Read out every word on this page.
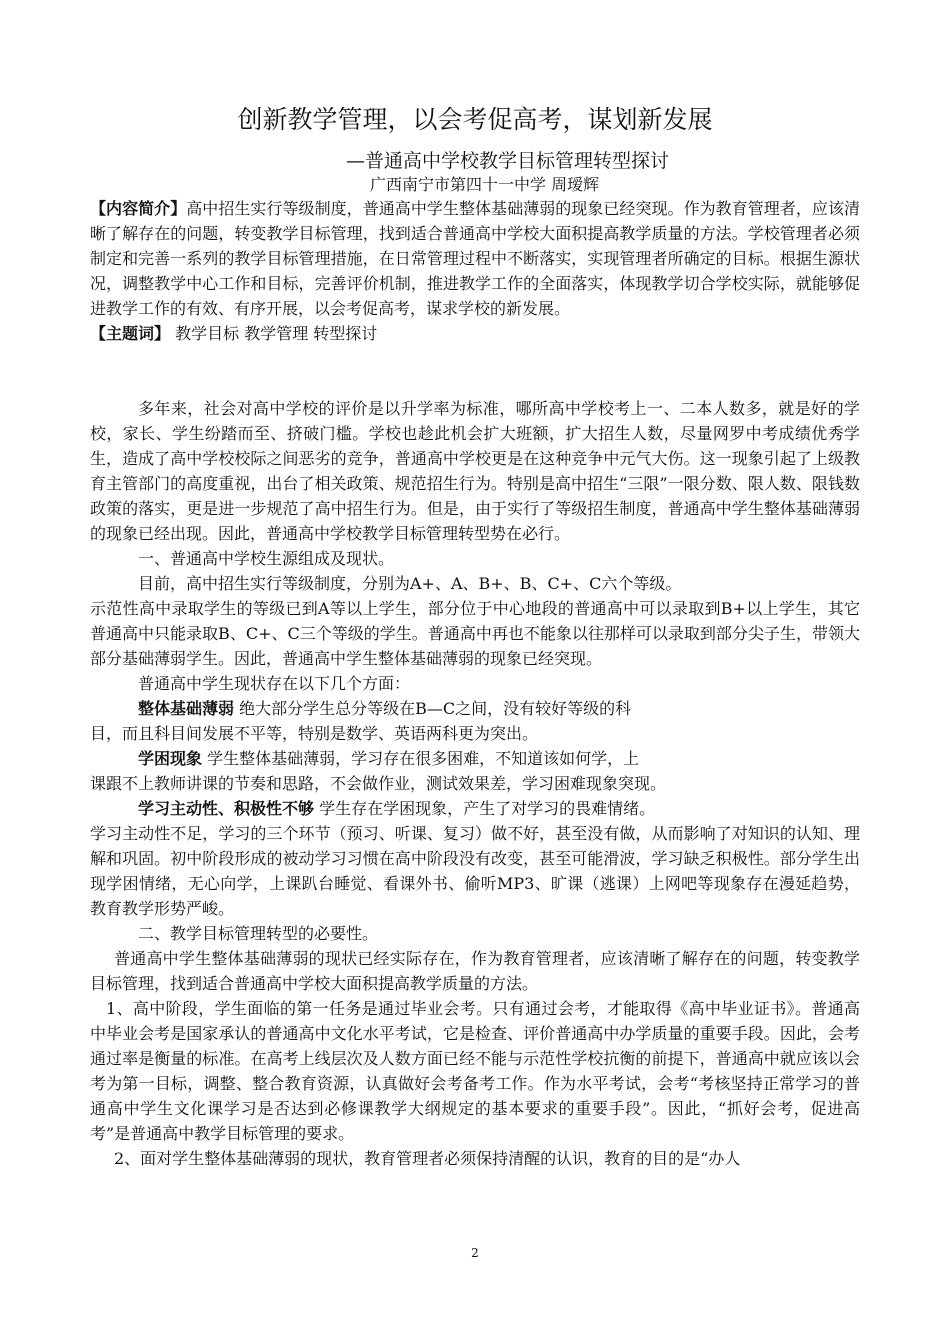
创新教学管理，以会考促高考，谋划新发展
—普通高中学校教学目标管理转型探讨
广西南宁市第四十一中学 周瑷辉

【内容简介】高中招生实行等级制度，普通高中学生整体基础薄弱的现象已经突现。作为教育管理者，应该清晰了解存在的问题，转变教学目标管理，找到适合普通高中学校大面积提高教学质量的方法。学校管理者必须制定和完善一系列的教学目标管理措施，在日常管理过程中不断落实，实现管理者所确定的目标。根据生源状况，调整教学中心工作和目标，完善评价机制，推进教学工作的全面落实，体现教学切合学校实际，就能够促进教学工作的有效、有序开展，以会考促高考，谋求学校的新发展。

【主题词】 教学目标 教学管理 转型探讨

多年来，社会对高中学校的评价是以升学率为标准，哪所高中学校考上一、二本人数多，就是好的学校，家长、学生纷踏而至、挤破门槛。学校也趁此机会扩大班额，扩大招生人数，尽量网罗中考成绩优秀学生，造成了高中学校校际之间恶劣的竞争，普通高中学校更是在这种竞争中元气大伤。这一现象引起了上级教育主管部门的高度重视，出台了相关政策、规范招生行为。特别是高中招生“三限”一限分数、限人数、限钱数政策的落实，更是进一步规范了高中招生行为。但是，由于实行了等级招生制度，普通高中学生整体基础薄弱的现象已经出现。因此，普通高中学校教学目标管理转型势在必行。

一、普通高中学校生源组成及现状。

目前，高中招生实行等级制度，分别为A+、A、B+、B、C+、C六个等级。

示范性高中录取学生的等级已到A等以上学生，部分位于中心地段的普通高中可以录取到B+以上学生，其它普通高中只能录取B、C+、C三个等级的学生。普通高中再也不能象以往那样可以录取到部分尖子生，带领大部分基础薄弱学生。因此，普通高中学生整体基础薄弱的现象已经突现。

普通高中学生现状存在以下几个方面：

整体基础薄弱 绝大部分学生总分等级在B—C之间，没有较好等级的科

目，而且科目间发展不平等，特别是数学、英语两科更为突出。

学困现象 学生整体基础薄弱，学习存在很多困难，不知道该如何学，上

课跟不上教师讲课的节奏和思路，不会做作业，测试效果差，学习困难现象突现。

学习主动性、积极性不够 学生存在学困现象，产生了对学习的畏难情绪。

学习主动性不足，学习的三个环节（预习、听课、复习）做不好，甚至没有做，从而影响了对知识的认知、理解和巩固。初中阶段形成的被动学习习惯在高中阶段没有改变，甚至可能滑波，学习缺乏积极性。部分学生出现学困情绪，无心向学，上课趴台睡觉、看课外书、偷听MP3、旷课（逃课）上网吧等现象存在漫延趋势，教育教学形势严峻。

二、教学目标管理转型的必要性。

普通高中学生整体基础薄弱的现状已经实际存在，作为教育管理者，应该清晰了解存在的问题，转变教学目标管理，找到适合普通高中学校大面积提高教学质量的方法。

1、高中阶段，学生面临的第一任务是通过毕业会考。只有通过会考，才能取得《高中毕业证书》。普通高中毕业会考是国家承认的普通高中文化水平考试，它是检查、评价普通高中办学质量的重要手段。因此，会考通过率是衡量的标准。在高考上线层次及人数方面已经不能与示范性学校抗衡的前提下，普通高中就应该以会考为第一目标，调整、整合教育资源，认真做好会考备考工作。作为水平考试，会考“考核坚持正常学习的普通高中学生文化课学习是否达到必修课教学大纲规定的基本要求的重要手段”。因此，“抓好会考，促进高考”是普通高中教学目标管理的要求。

2、面对学生整体基础薄弱的现状，教育管理者必须保持清醒的认识，教育的目的是“办人

2
